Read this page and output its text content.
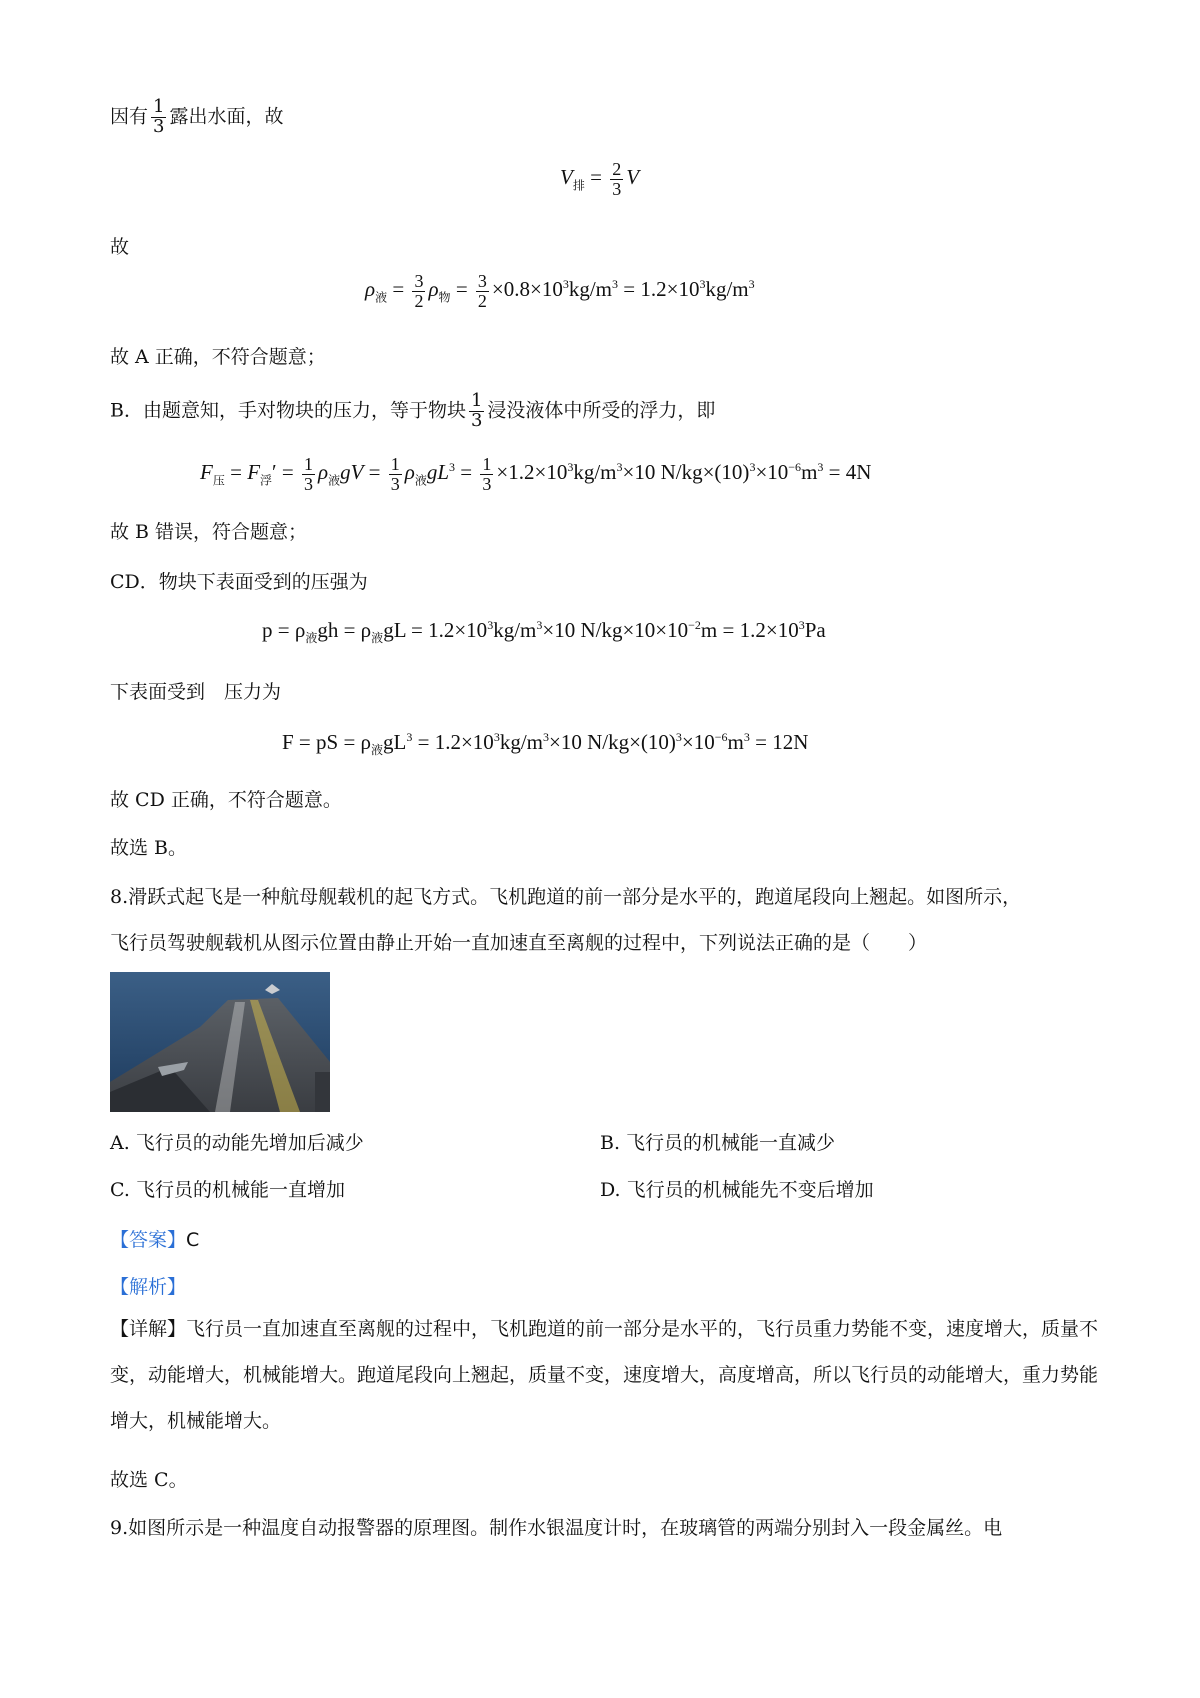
因有 $\frac{1}{3}$ 露出水面，故
$V_排 = \frac{2}{3}$ V
故
$\rho_液 = \frac{3}{2} \rho_物 = \frac{3}{2} \times 0.8\times 10^3kg/m^3 = 1.2\times 10^3kg/m^3$
故 A 正确，不符合题意；
B．由题意知，手对物块的压力，等于物块 $\frac{1}{3}$ 浸没液体中所受的浮力，即
$F_压 = F_浮' = \frac{1}{3} \rho_液gV = \frac{1}{3} \rho_液gL^3 = \frac{1}{3} \times 1.2\times 10^3kg/m^3\times 10$ $N/kg\times(10)^3\times 10^{-6}m^3 = 4N$
故 B 错误，符合题意；
CD．物块下表面受到的压强为
$p = \rho_液gh = \rho_液gL = 1.2\times 10^3kg/m^3\times 10$ $N/kg\times 10\times 10^{-2}m = 1.2\times 10^3Pa$
下表面受到　压力为
F = pS = $\rho_液gL^3 = 1.2\times 10^3kg/m^3\times 10$ $N/kg\times(10)^3\times 10^{-6}m^3 = 12N$
故 CD 正确，不符合题意。
故选 B。
8.滑跃式起飞是一种航母舰载机的起飞方式。飞机跑道的前一部分是水平的，跑道尾段向上翘起。如图所示，
飞行员驾驶舰载机从图示位置由静止开始一直加速直至离舰的过程中，下列说法正确的是（　　）
A. 飞行员的动能先增加后减少	B. 飞行员的机械能一直减少
C. 飞行员的机械能一直增加	D. 飞行员的机械能先不变后增加
【答案】C
【解析】
【详解】飞行员一直加速直至离舰的过程中，飞机跑道的前一部分是水平的，飞行员重力势能不变，速度增大，质量不变，动能增大，机械能增大。跑道尾段向上翘起，质量不变，速度增大，高度增高，所以飞行员的动能增大，重力势能增大，机械能增大。
故选 C。
9.如图所示是一种温度自动报警器的原理图。制作水银温度计时，在玻璃管的两端分别封入一段金属丝。电
